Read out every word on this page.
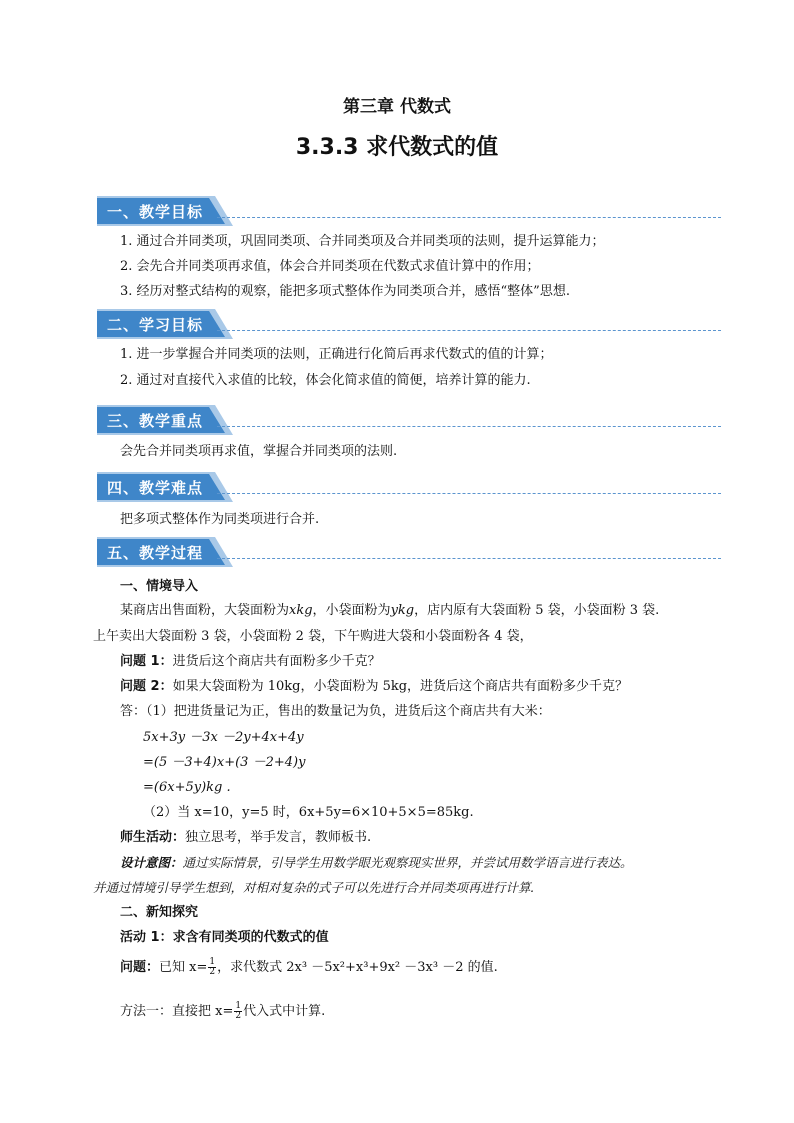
第三章 代数式
3.3.3 求代数式的值
一、教学目标
1. 通过合并同类项，巩固同类项、合并同类项及合并同类项的法则，提升运算能力；
2. 会先合并同类项再求值，体会合并同类项在代数式求值计算中的作用；
3. 经历对整式结构的观察，能把多项式整体作为同类项合并，感悟“整体”思想.
二、学习目标
1. 进一步掌握合并同类项的法则，正确进行化简后再求代数式的值的计算；
2. 通过对直接代入求值的比较，体会化简求值的简便，培养计算的能力.
三、教学重点
会先合并同类项再求值，掌握合并同类项的法则.
四、教学难点
把多项式整体作为同类项进行合并.
五、教学过程
一、情境导入
某商店出售面粉，大袋面粉为xkg，小袋面粉为ykg，店内原有大袋面粉 5 袋，小袋面粉 3 袋.
上午卖出大袋面粉 3 袋，小袋面粉 2 袋，下午购进大袋和小袋面粉各 4 袋，
问题 1：进货后这个商店共有面粉多少千克？
问题 2：如果大袋面粉为 10kg，小袋面粉为 5kg，进货后这个商店共有面粉多少千克？
答：（1）把进货量记为正，售出的数量记为负，进货后这个商店共有大米：
5x+3y －3x －2y+4x+4y
=(5 －3+4)x+(3 －2+4)y
=(6x+5y)kg .
（2）当 x=10，y=5 时，6x+5y=6×10+5×5=85kg.
师生活动：独立思考，举手发言，教师板书.
设计意图：通过实际情景，引导学生用数学眼光观察现实世界，并尝试用数学语言进行表达。
并通过情境引导学生想到，对相对复杂的式子可以先进行合并同类项再进行计算.
二、新知探究
活动 1：求含有同类项的代数式的值
问题：已知 $x= \frac{1}{2}$ ，求代数式 2x³ －5x²+x³+9x² －3x³ －2 的值.
方法一：直接把 $x= \frac{1}{2}$ 代入式中计算.
